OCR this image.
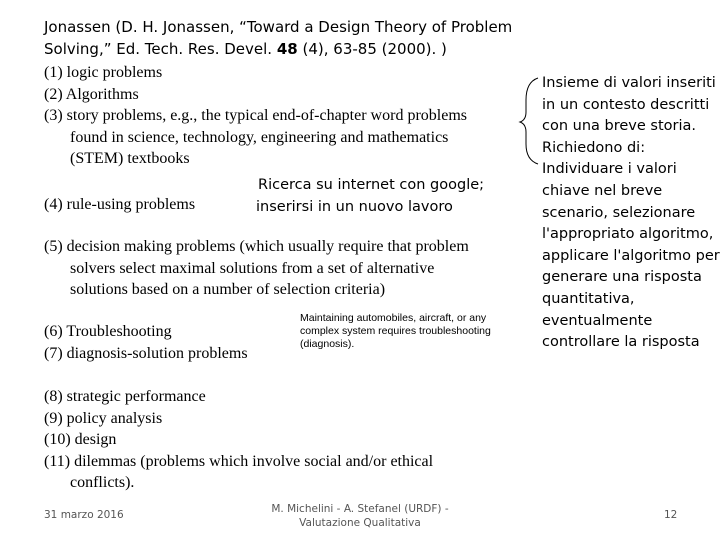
Jonassen (D. H. Jonassen, “Toward a Design Theory of Problem Solving,” Ed. Tech. Res. Devel. 48 (4), 63-85 (2000). )
(1) logic problems
(2) Algorithms
(3) story problems, e.g., the typical end-of-chapter word problems
found in science, technology, engineering and mathematics
(STEM) textbooks
(4) rule-using problems
Ricerca su internet con google;
inserirsi in un nuovo lavoro
(5) decision making problems (which usually require that problem
solvers select maximal solutions from a set of alternative
solutions based on a number of selection criteria)
(6) Troubleshooting
(7) diagnosis-solution problems
Maintaining automobiles, aircraft, or any complex system requires troubleshooting (diagnosis).
(8) strategic performance
(9) policy analysis
(10) design
(11) dilemmas (problems which involve social and/or ethical
conflicts).
Insieme di valori inseriti in un contesto descritti con una breve storia. Richiedono di: Individuare i valori chiave nel breve scenario, selezionare l'appropriato algoritmo, applicare l'algoritmo per generare una risposta quantitativa, eventualmente controllare la risposta
31 marzo 2016	M. Michelini - A. Stefanel (URDF) -
Valutazione Qualitativa
12
